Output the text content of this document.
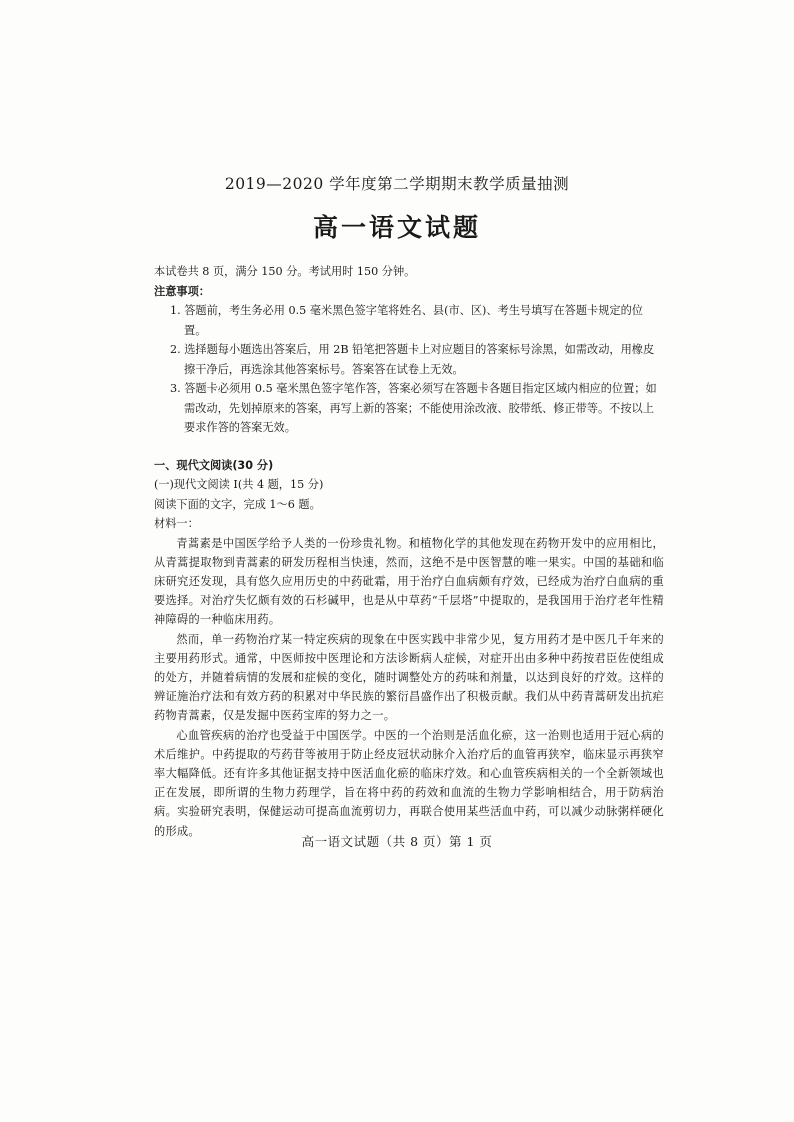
2019—2020 学年度第二学期期末教学质量抽测
高一语文试题

本试卷共 8 页，满分 150 分。考试用时 150 分钟。

注意事项：

1. 答题前，考生务必用 0.5 毫米黑色签字笔将姓名、县(市、区)、考生号填写在答题卡规定的位置。

2. 选择题每小题选出答案后，用 2B 铅笔把答题卡上对应题目的答案标号涂黑，如需改动，用橡皮擦干净后，再选涂其他答案标号。答案答在试卷上无效。

3. 答题卡必须用 0.5 毫米黑色签字笔作答，答案必须写在答题卡各题目指定区域内相应的位置；如需改动，先划掉原来的答案，再写上新的答案；不能使用涂改液、胶带纸、修正带等。不按以上要求作答的答案无效。

一、现代文阅读(30 分)

(一)现代文阅读 I(共 4 题，15 分)

阅读下面的文字，完成 1～6 题。

材料一：

青蒿素是中国医学给予人类的一份珍贵礼物。和植物化学的其他发现在药物开发中的应用相比，从青蒿提取物到青蒿素的研发历程相当快速，然而，这绝不是中医智慧的唯一果实。中国的基础和临床研究还发现，具有悠久应用历史的中药砒霜，用于治疗白血病颇有疗效，已经成为治疗白血病的重要选择。对治疗失忆颇有效的石杉碱甲，也是从中草药“千层塔”中提取的，是我国用于治疗老年性精神障碍的一种临床用药。

然而，单一药物治疗某一特定疾病的现象在中医实践中非常少见，复方用药才是中医几千年来的主要用药形式。通常，中医师按中医理论和方法诊断病人症候，对症开出由多种中药按君臣佐使组成的处方，并随着病情的发展和症候的变化，随时调整处方的药味和剂量，以达到良好的疗效。这样的辨证施治疗法和有效方药的积累对中华民族的繁衍昌盛作出了积极贡献。我们从中药青蒿研发出抗疟药物青蒿素，仅是发掘中医药宝库的努力之一。

心血管疾病的治疗也受益于中国医学。中医的一个治则是活血化瘀，这一治则也适用于冠心病的术后维护。中药提取的芍药苷等被用于防止经皮冠状动脉介入治疗后的血管再狭窄，临床显示再狭窄率大幅降低。还有许多其他证据支持中医活血化瘀的临床疗效。和心血管疾病相关的一个全新领域也正在发展，即所谓的生物力药理学，旨在将中药的药效和血流的生物力学影响相结合，用于防病治病。实验研究表明，保健运动可提高血流剪切力，再联合使用某些活血中药，可以减少动脉粥样硬化的形成。

高一语文试题（共 8 页）第 1 页
